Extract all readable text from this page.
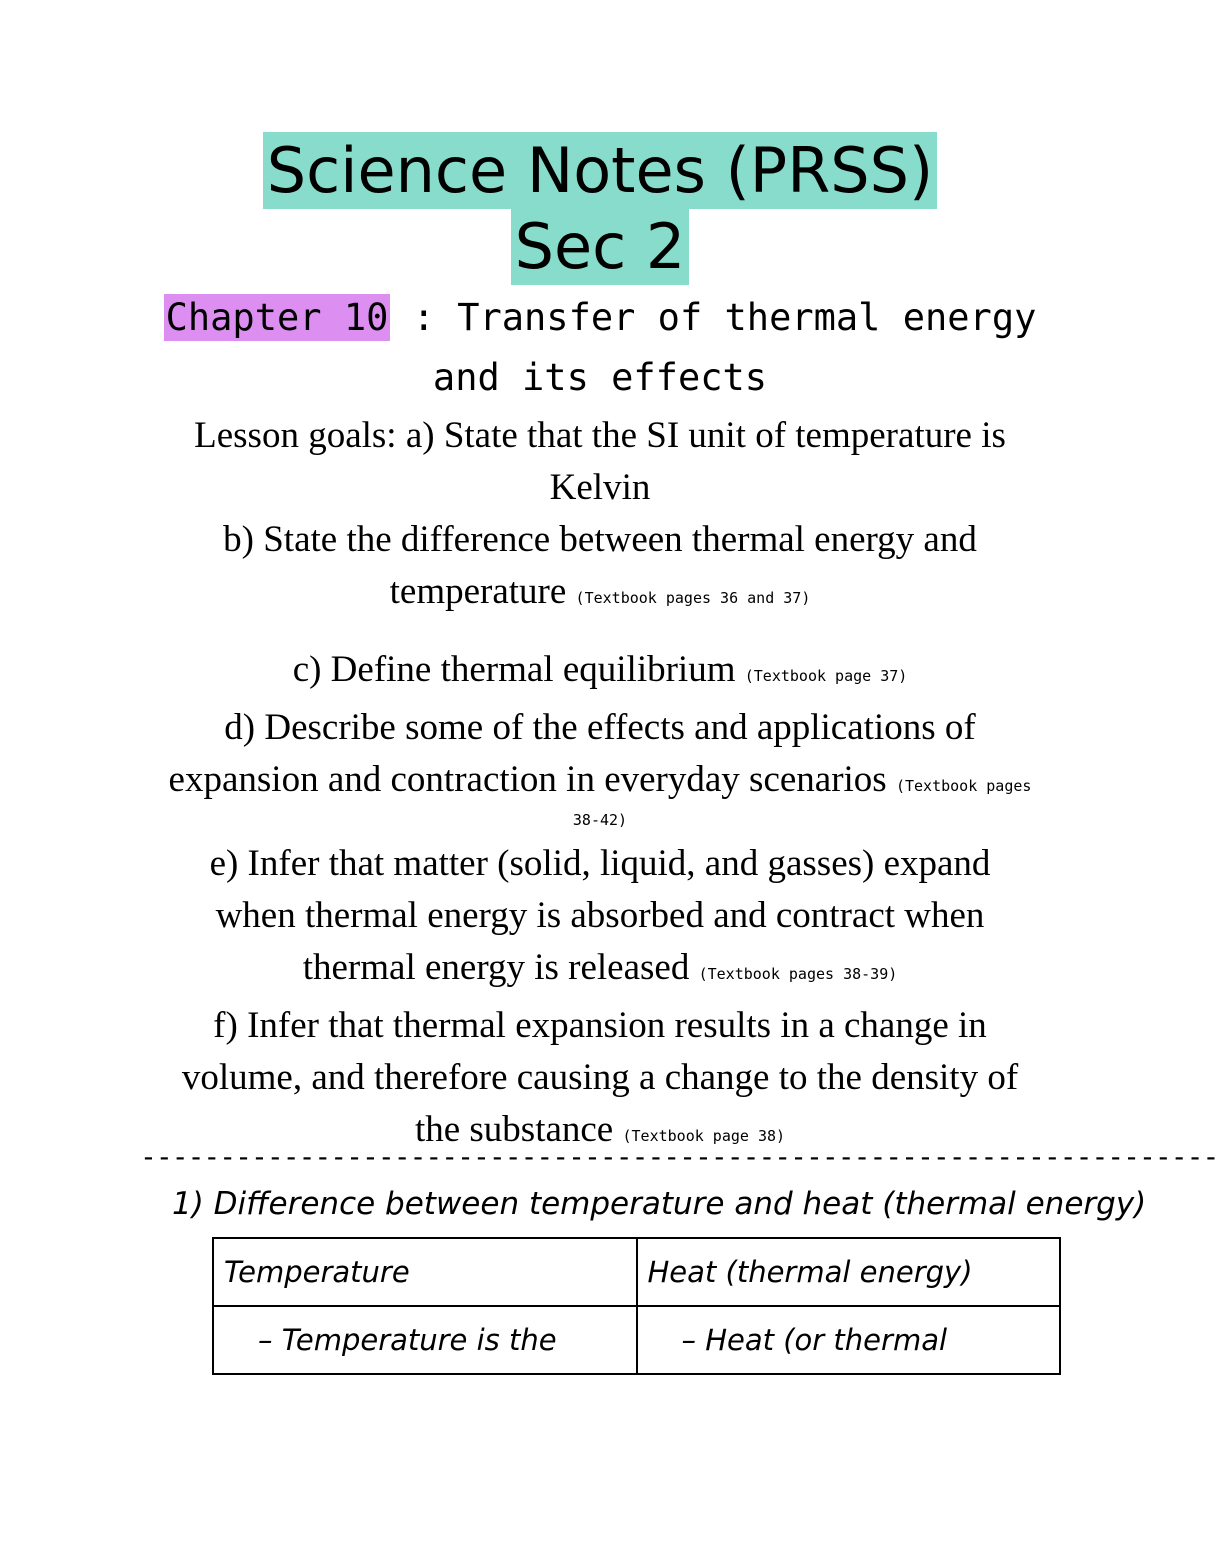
Science Notes (PRSS)
Sec 2
Chapter 10 : Transfer of thermal energy
and its effects

Lesson goals: a) State that the SI unit of temperature is

Kelvin

b) State the difference between thermal energy and

temperature (Textbook pages 36 and 37)

c) Define thermal equilibrium (Textbook page 37)

d) Describe some of the effects and applications of

expansion and contraction in everyday scenarios (Textbook pages

38-42)

e) Infer that matter (solid, liquid, and gasses) expand

when thermal energy is absorbed and contract when

thermal energy is released (Textbook pages 38-39)

f) Infer that thermal expansion results in a change in

volume, and therefore causing a change to the density of

the substance (Textbook page 38)

--------------------------------------------------------------------
1) Difference between temperature and heat (thermal energy)
Temperature	Heat (thermal energy)
– Temperature is the	– Heat (or thermal
